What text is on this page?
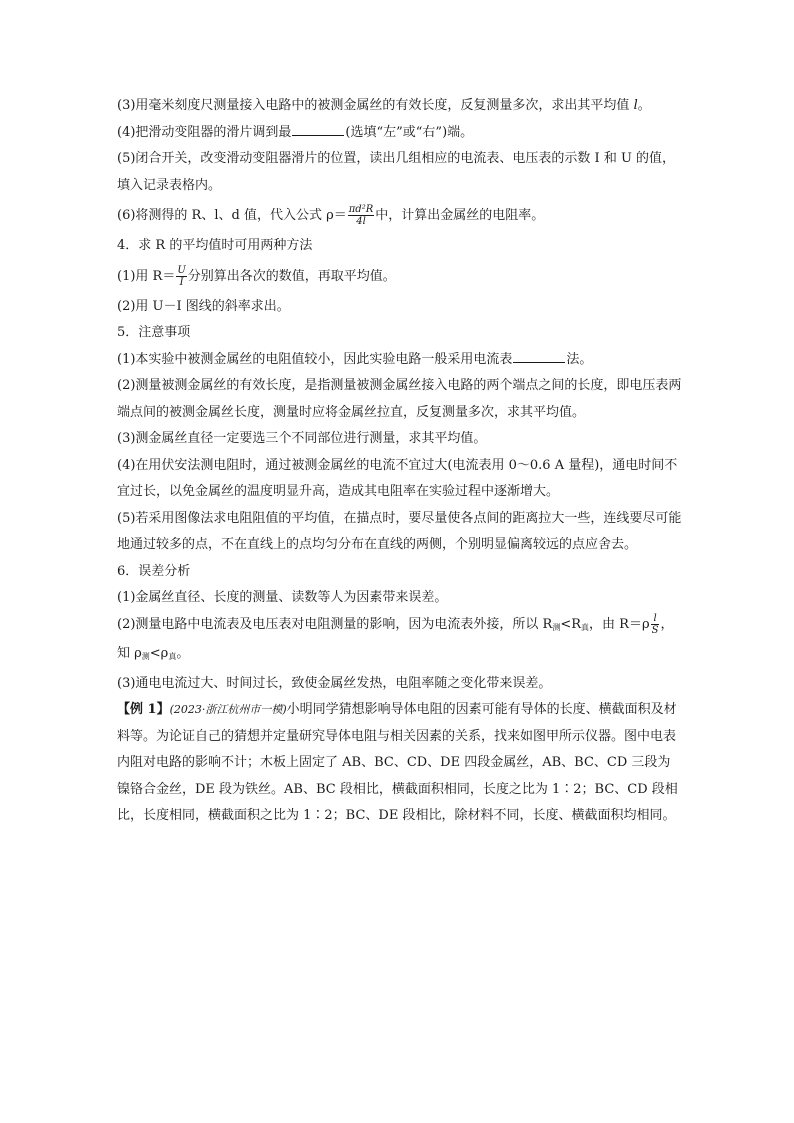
(3)用毫米刻度尺测量接入电路中的被测金属丝的有效长度，反复测量多次，求出其平均值 l。

(4)把滑动变阻器的滑片调到最	(选填“左”或“右”)端。

(5)闭合开关，改变滑动变阻器滑片的位置，读出几组相应的电流表、电压表的示数 I 和 U 的值，填入记录表格内。

(6)将测得的 R、l、d 值，代入公式 $\rho= \frac{\text{πd²R}}{4l}$ 中，计算出金属丝的电阻率。

4．求 R 的平均值时可用两种方法

(1)用 $R= \frac{U}{I}$ 分别算出各次的数值，再取平均值。

(2)用 U－I 图线的斜率求出。

5．注意事项

(1)本实验中被测金属丝的电阻值较小，因此实验电路一般采用电流表	法。

(2)测量被测金属丝的有效长度，是指测量被测金属丝接入电路的两个端点之间的长度，即电压表两端点间的被测金属丝长度，测量时应将金属丝拉直，反复测量多次，求其平均值。

(3)测金属丝直径一定要选三个不同部位进行测量，求其平均值。

(4)在用伏安法测电阻时，通过被测金属丝的电流不宜过大(电流表用 0～0.6 A 量程)，通电时间不宜过长，以免金属丝的温度明显升高，造成其电阻率在实验过程中逐渐增大。

(5)若采用图像法求电阻阻值的平均值，在描点时，要尽量使各点间的距离拉大一些，连线要尽可能地通过较多的点，不在直线上的点均匀分布在直线的两侧，个别明显偏离较远的点应舍去。

6．误差分析

(1)金属丝直径、长度的测量、读数等人为因素带来误差。

(2)测量电路中电流表及电压表对电阻测量的影响，因为电流表外接，所以 $R_测<R_真$，由 $R=\rho \frac{l}{S}$ ，知 $\rho_测<\rho_真$。

(3)通电电流过大、时间过长，致使金属丝发热，电阻率随之变化带来误差。

【例 1】(2023·浙江杭州市一模)小明同学猜想影响导体电阻的因素可能有导体的长度、横截面积及材料等。为论证自己的猜想并定量研究导体电阻与相关因素的关系，找来如图甲所示仪器。图中电表内阻对电路的影响不计；木板上固定了 AB、BC、CD、DE 四段金属丝，AB、BC、CD 三段为镍铬合金丝，DE 段为铁丝。AB、BC 段相比，横截面积相同，长度之比为 1∶2；BC、CD 段相比，长度相同，横截面积之比为 1∶2；BC、DE 段相比，除材料不同，长度、横截面积均相同。
